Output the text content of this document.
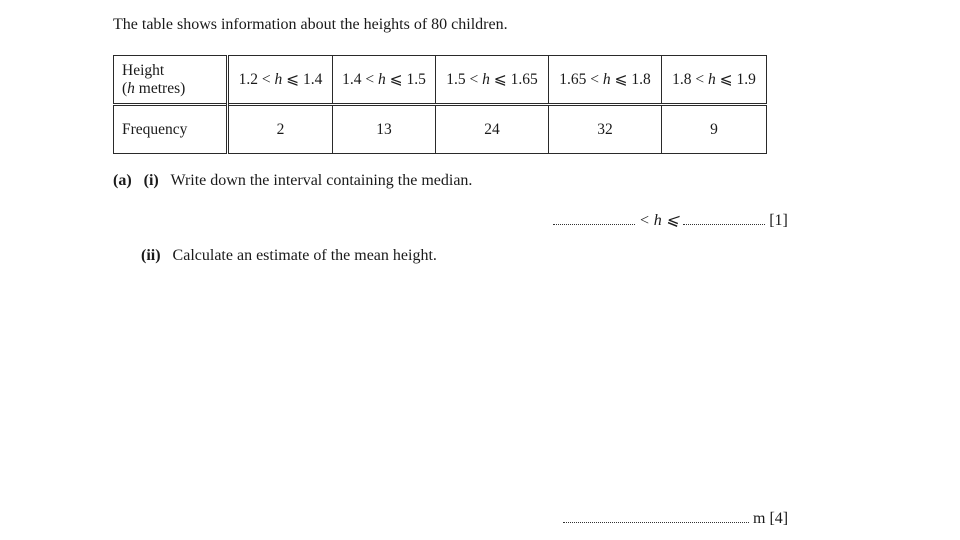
The table shows information about the heights of 80 children.

Height
(h metres)	1.2 < h ⩽ 1.4	1.4 < h ⩽ 1.5	1.5 < h ⩽ 1.65	1.65 < h ⩽ 1.8	1.8 < h ⩽ 1.9
Frequency	2	13	24	32	9
(a) (i) Write down the interval containing the median.
< h ⩽	[1]
(ii) Calculate an estimate of the mean height.
m [4]
